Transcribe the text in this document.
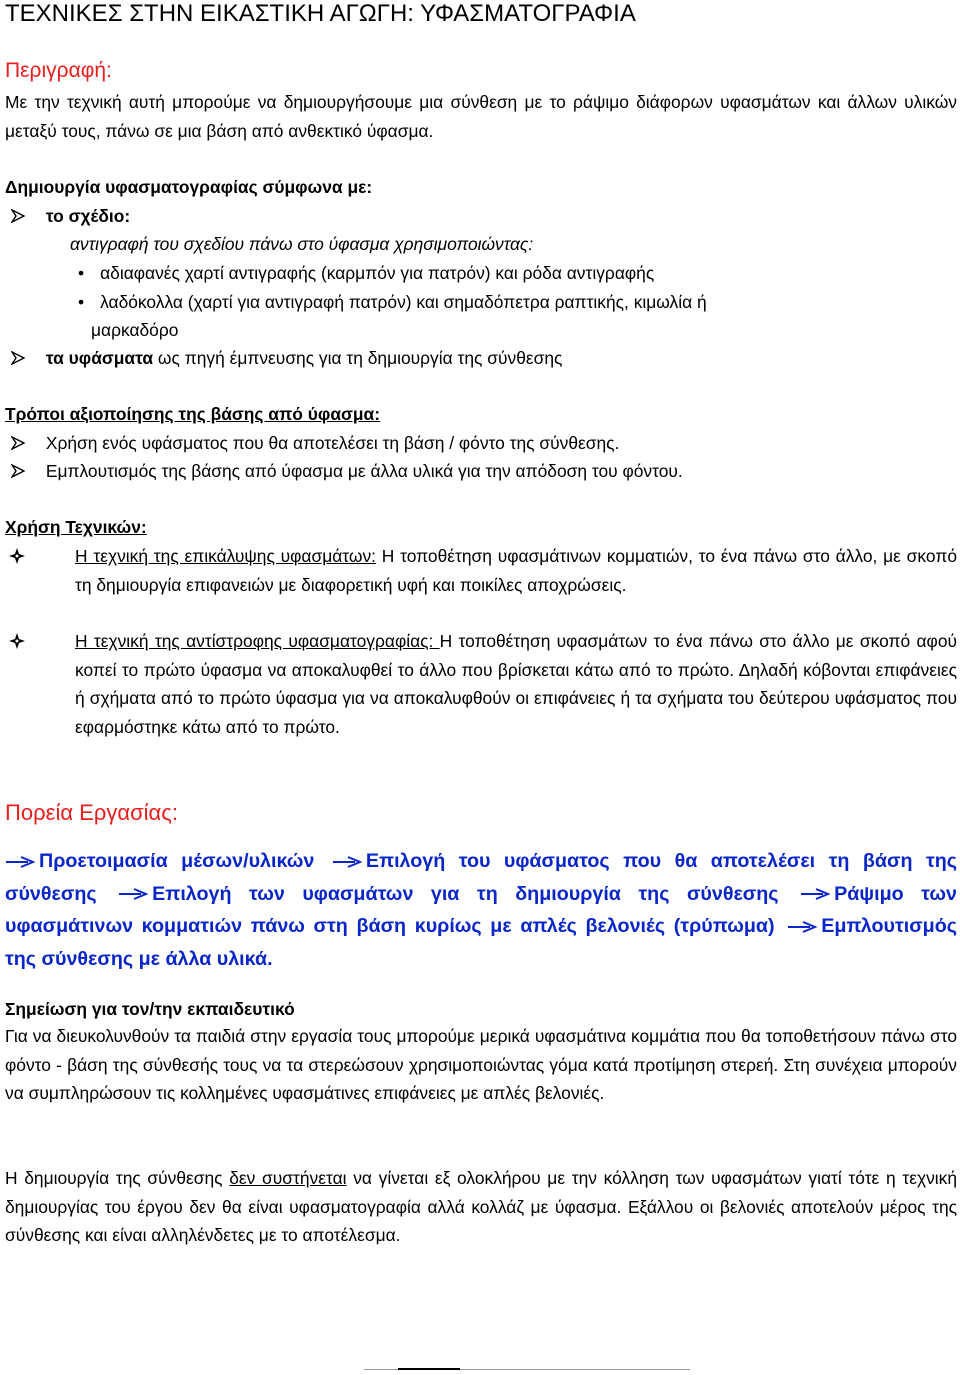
ΤΕΧΝΙΚΕΣ ΣΤΗΝ ΕΙΚΑΣΤΙΚΗ ΑΓΩΓΗ: ΥΦΑΣΜΑΤΟΓΡΑΦΙΑ
Περιγραφή:
Με την τεχνική αυτή μπορούμε να δημιουργήσουμε μια σύνθεση με το ράψιμο διάφορων υφασμάτων και άλλων υλικών μεταξύ τους, πάνω σε μια βάση από ανθεκτικό ύφασμα.
Δημιουργία υφασματογραφίας σύμφωνα με:
το σχέδιο:
αντιγραφή του σχεδίου πάνω στο ύφασμα χρησιμοποιώντας:
• αδιαφανές χαρτί αντιγραφής (καρμπόν για πατρόν) και ρόδα αντιγραφής
• λαδόκολλα (χαρτί για αντιγραφή πατρόν) και σημαδόπετρα ραπτικής, κιμωλία ή
μαρκαδόρο
τα υφάσματα ως πηγή έμπνευσης για τη δημιουργία της σύνθεσης
Τρόποι αξιοποίησης της βάσης από ύφασμα:
Χρήση ενός υφάσματος που θα αποτελέσει τη βάση / φόντο της σύνθεσης.
Εμπλουτισμός της βάσης από ύφασμα με άλλα υλικά για την απόδοση του φόντου.
Χρήση Τεχνικών:
Η τεχνική της επικάλυψης υφασμάτων: Η τοποθέτηση υφασμάτινων κομματιών, το ένα πάνω στο άλλο, με σκοπό τη δημιουργία επιφανειών με διαφορετική υφή και ποικίλες αποχρώσεις.
Η τεχνική της αντίστροφης υφασματογραφίας: Η τοποθέτηση υφασμάτων το ένα πάνω στο άλλο με σκοπό αφού κοπεί το πρώτο ύφασμα να αποκαλυφθεί το άλλο που βρίσκεται κάτω από το πρώτο. Δηλαδή κόβονται επιφάνειες ή σχήματα από το πρώτο ύφασμα για να αποκαλυφθούν οι επιφάνειες ή τα σχήματα του δεύτερου υφάσματος που εφαρμόστηκε κάτω από το πρώτο.
Πορεία Εργασίας:
Προετοιμασία μέσων/υλικών	Επιλογή του υφάσματος που θα αποτελέσει τη βάση της σύνθεσης	Επιλογή των υφασμάτων για τη δημιουργία της σύνθεσης	Ράψιμο των υφασμάτινων κομματιών πάνω στη βάση κυρίως με απλές βελονιές (τρύπωμα) Εμπλουτισμός της σύνθεσης με άλλα υλικά.
Σημείωση για τον/την εκπαιδευτικό
Για να διευκολυνθούν τα παιδιά στην εργασία τους μπορούμε μερικά υφασμάτινα κομμάτια που θα τοποθετήσουν πάνω στο φόντο - βάση της σύνθεσής τους να τα στερεώσουν χρησιμοποιώντας γόμα κατά προτίμηση στερεή. Στη συνέχεια μπορούν να συμπληρώσουν τις κολλημένες υφασμάτινες επιφάνειες με απλές βελονιές.
Η δημιουργία της σύνθεσης δεν συστήνεται να γίνεται εξ ολοκλήρου με την κόλληση των υφασμάτων γιατί τότε η τεχνική δημιουργίας του έργου δεν θα είναι υφασματογραφία αλλά κολλάζ με ύφασμα. Εξάλλου οι βελονιές αποτελούν μέρος της σύνθεσης και είναι αλληλένδετες με το αποτέλεσμα.
